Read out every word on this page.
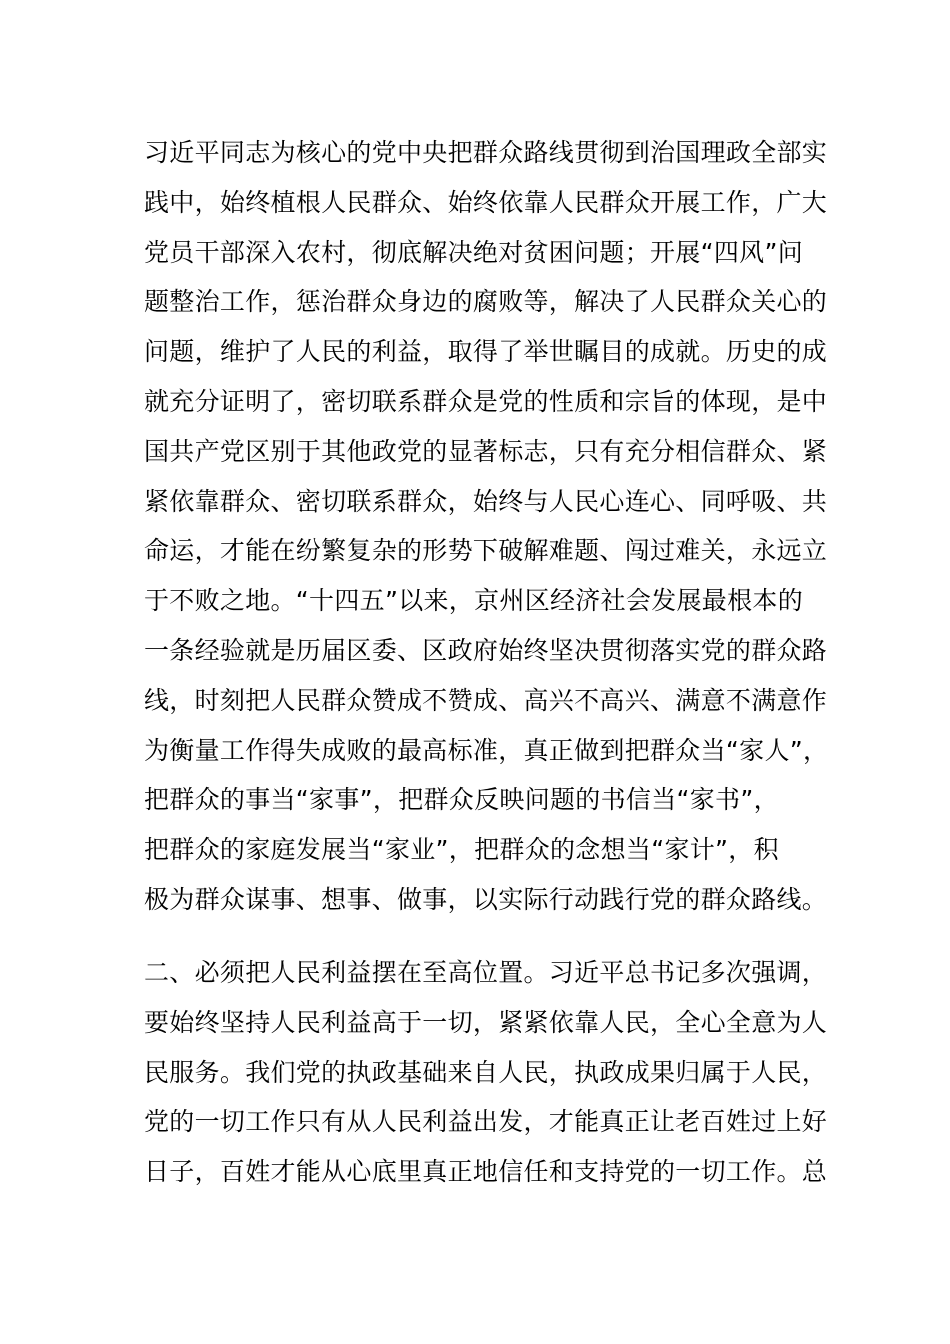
习近平同志为核心的党中央把群众路线贯彻到治国理政全部实
践中，始终植根人民群众、始终依靠人民群众开展工作，广大
党员干部深入农村，彻底解决绝对贫困问题；开展“四风”问
题整治工作，惩治群众身边的腐败等，解决了人民群众关心的
问题，维护了人民的利益，取得了举世瞩目的成就。历史的成
就充分证明了，密切联系群众是党的性质和宗旨的体现，是中
国共产党区别于其他政党的显著标志，只有充分相信群众、紧
紧依靠群众、密切联系群众，始终与人民心连心、同呼吸、共
命运，才能在纷繁复杂的形势下破解难题、闯过难关，永远立
于不败之地。“十四五”以来，京州区经济社会发展最根本的
一条经验就是历届区委、区政府始终坚决贯彻落实党的群众路
线，时刻把人民群众赞成不赞成、高兴不高兴、满意不满意作
为衡量工作得失成败的最高标准，真正做到把群众当“家人”，
把群众的事当“家事”，把群众反映问题的书信当“家书”，
把群众的家庭发展当“家业”，把群众的念想当“家计”，积
极为群众谋事、想事、做事，以实际行动践行党的群众路线。
二、必须把人民利益摆在至高位置。习近平总书记多次强调，
要始终坚持人民利益高于一切，紧紧依靠人民，全心全意为人
民服务。我们党的执政基础来自人民，执政成果归属于人民，
党的一切工作只有从人民利益出发，才能真正让老百姓过上好
日子，百姓才能从心底里真正地信任和支持党的一切工作。总
